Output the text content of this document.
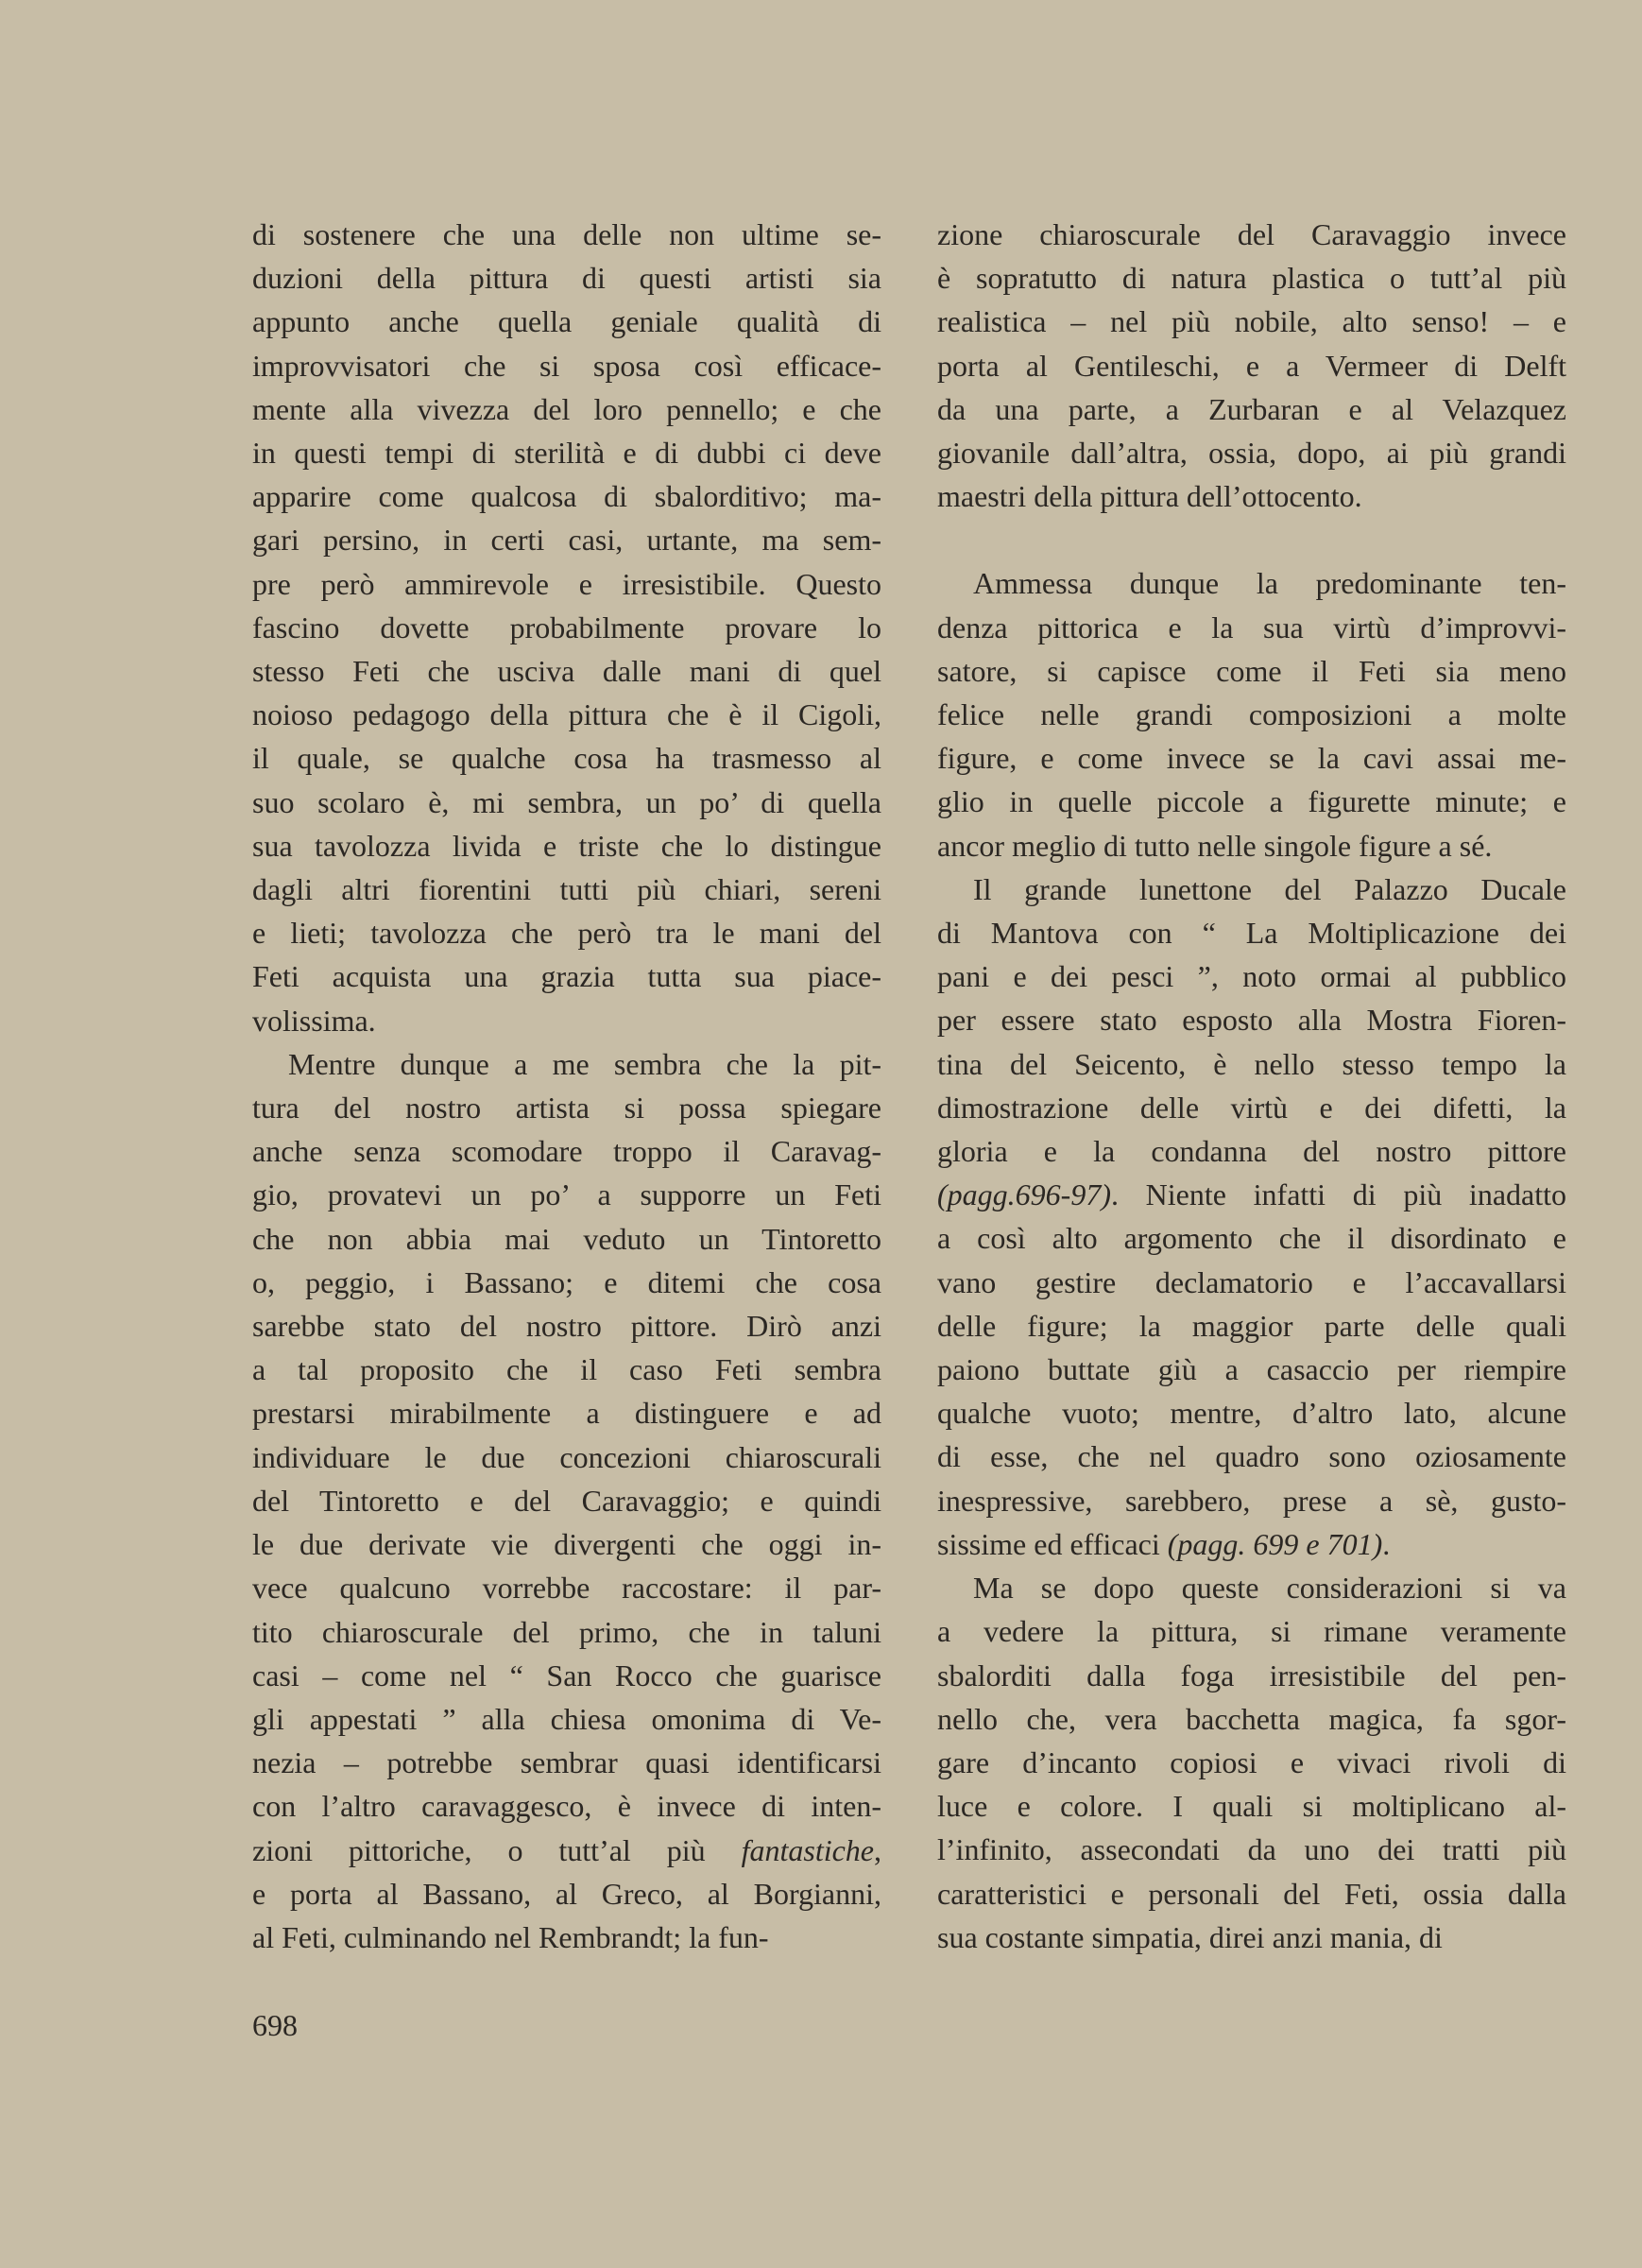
di sostenere che una delle non ultime se-
duzioni della pittura di questi artisti sia
appunto anche quella geniale qualità di
improvvisatori che si sposa così efficace-
mente alla vivezza del loro pennello; e che
in questi tempi di sterilità e di dubbi ci deve
apparire come qualcosa di sbalorditivo; ma-
gari persino, in certi casi, urtante, ma sem-
pre però ammirevole e irresistibile. Questo
fascino dovette probabilmente provare lo
stesso Feti che usciva dalle mani di quel
noioso pedagogo della pittura che è il Cigoli,
il quale, se qualche cosa ha trasmesso al
suo scolaro è, mi sembra, un po’ di quella
sua tavolozza livida e triste che lo distingue
dagli altri fiorentini tutti più chiari, sereni
e lieti; tavolozza che però tra le mani del
Feti acquista una grazia tutta sua piace-
volissima.

Mentre dunque a me sembra che la pit-
tura del nostro artista si possa spiegare
anche senza scomodare troppo il Caravag-
gio, provatevi un po’ a supporre un Feti
che non abbia mai veduto un Tintoretto
o, peggio, i Bassano; e ditemi che cosa
sarebbe stato del nostro pittore. Dirò anzi
a tal proposito che il caso Feti sembra
prestarsi mirabilmente a distinguere e ad
individuare le due concezioni chiaroscurali
del Tintoretto e del Caravaggio; e quindi
le due derivate vie divergenti che oggi in-
vece qualcuno vorrebbe raccostare: il par-
tito chiaroscurale del primo, che in taluni
casi – come nel “ San Rocco che guarisce
gli appestati ” alla chiesa omonima di Ve-
nezia – potrebbe sembrar quasi identificarsi
con l’altro caravaggesco, è invece di inten-
zioni pittoriche, o tutt’al più fantastiche,
e porta al Bassano, al Greco, al Borgianni,
al Feti, culminando nel Rembrandt; la fun-

zione chiaroscurale del Caravaggio invece
è sopratutto di natura plastica o tutt’al più
realistica – nel più nobile, alto senso! – e
porta al Gentileschi, e a Vermeer di Delft
da una parte, a Zurbaran e al Velazquez
giovanile dall’altra, ossia, dopo, ai più grandi
maestri della pittura dell’ottocento.

Ammessa dunque la predominante ten-
denza pittorica e la sua virtù d’improvvi-
satore, si capisce come il Feti sia meno
felice nelle grandi composizioni a molte
figure, e come invece se la cavi assai me-
glio in quelle piccole a figurette minute; e
ancor meglio di tutto nelle singole figure a sé.

Il grande lunettone del Palazzo Ducale
di Mantova con “ La Moltiplicazione dei
pani e dei pesci ”, noto ormai al pubblico
per essere stato esposto alla Mostra Fioren-
tina del Seicento, è nello stesso tempo la
dimostrazione delle virtù e dei difetti, la
gloria e la condanna del nostro pittore
(pagg.696-97). Niente infatti di più inadatto
a così alto argomento che il disordinato e
vano gestire declamatorio e l’accavallarsi
delle figure; la maggior parte delle quali
paiono buttate giù a casaccio per riempire
qualche vuoto; mentre, d’altro lato, alcune
di esse, che nel quadro sono oziosamente
inespressive, sarebbero, prese a sè, gusto-
sissime ed efficaci (pagg. 699 e 701).

Ma se dopo queste considerazioni si va
a vedere la pittura, si rimane veramente
sbalorditi dalla foga irresistibile del pen-
nello che, vera bacchetta magica, fa sgor-
gare d’incanto copiosi e vivaci rivoli di
luce e colore. I quali si moltiplicano al-
l’infinito, assecondati da uno dei tratti più
caratteristici e personali del Feti, ossia dalla
sua costante simpatia, direi anzi mania, di

698
